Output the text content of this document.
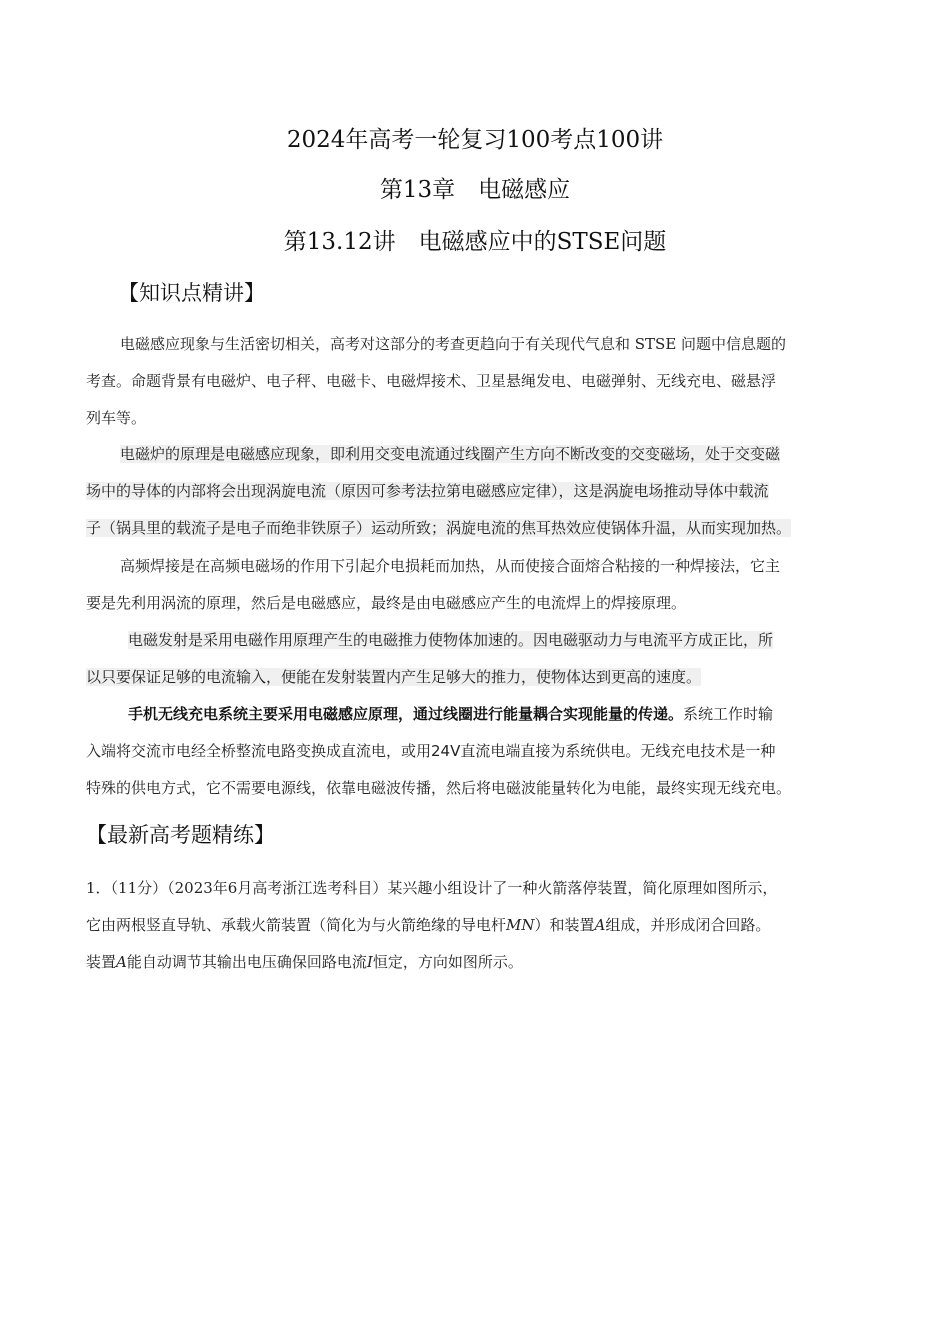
2024年高考一轮复习100考点100讲
第13章　电磁感应
第13.12讲　电磁感应中的STSE问题
【知识点精讲】
电磁感应现象与生活密切相关，高考对这部分的考查更趋向于有关现代气息和 STSE 问题中信息题的
考查。命题背景有电磁炉、电子秤、电磁卡、电磁焊接术、卫星悬绳发电、电磁弹射、无线充电、磁悬浮
列车等。
电磁炉的原理是电磁感应现象，即利用交变电流通过线圈产生方向不断改变的交变磁场，处于交变磁
场中的导体的内部将会出现涡旋电流（原因可参考法拉第电磁感应定律），这是涡旋电场推动导体中载流
子（锅具里的载流子是电子而绝非铁原子）运动所致；涡旋电流的焦耳热效应使锅体升温，从而实现加热。
高频焊接是在高频电磁场的作用下引起介电损耗而加热，从而使接合面熔合粘接的一种焊接法，它主
要是先利用涡流的原理，然后是电磁感应，最终是由电磁感应产生的电流焊上的焊接原理。
电磁发射是采用电磁作用原理产生的电磁推力使物体加速的。因电磁驱动力与电流平方成正比，所
以只要保证足够的电流输入，便能在发射装置内产生足够大的推力，使物体达到更高的速度。
手机无线充电系统主要采用电磁感应原理，通过线圈进行能量耦合实现能量的传递。系统工作时输
入端将交流市电经全桥整流电路变换成直流电，或用24V直流电端直接为系统供电。无线充电技术是一种
特殊的供电方式，它不需要电源线，依靠电磁波传播，然后将电磁波能量转化为电能，最终实现无线充电。
【最新高考题精练】
1．（11分）（2023年6月高考浙江选考科目）某兴趣小组设计了一种火箭落停装置，简化原理如图所示，
它由两根竖直导轨、承载火箭装置（简化为与火箭绝缘的导电杆MN）和装置A组成，并形成闭合回路。
装置A能自动调节其输出电压确保回路电流I恒定，方向如图所示。
